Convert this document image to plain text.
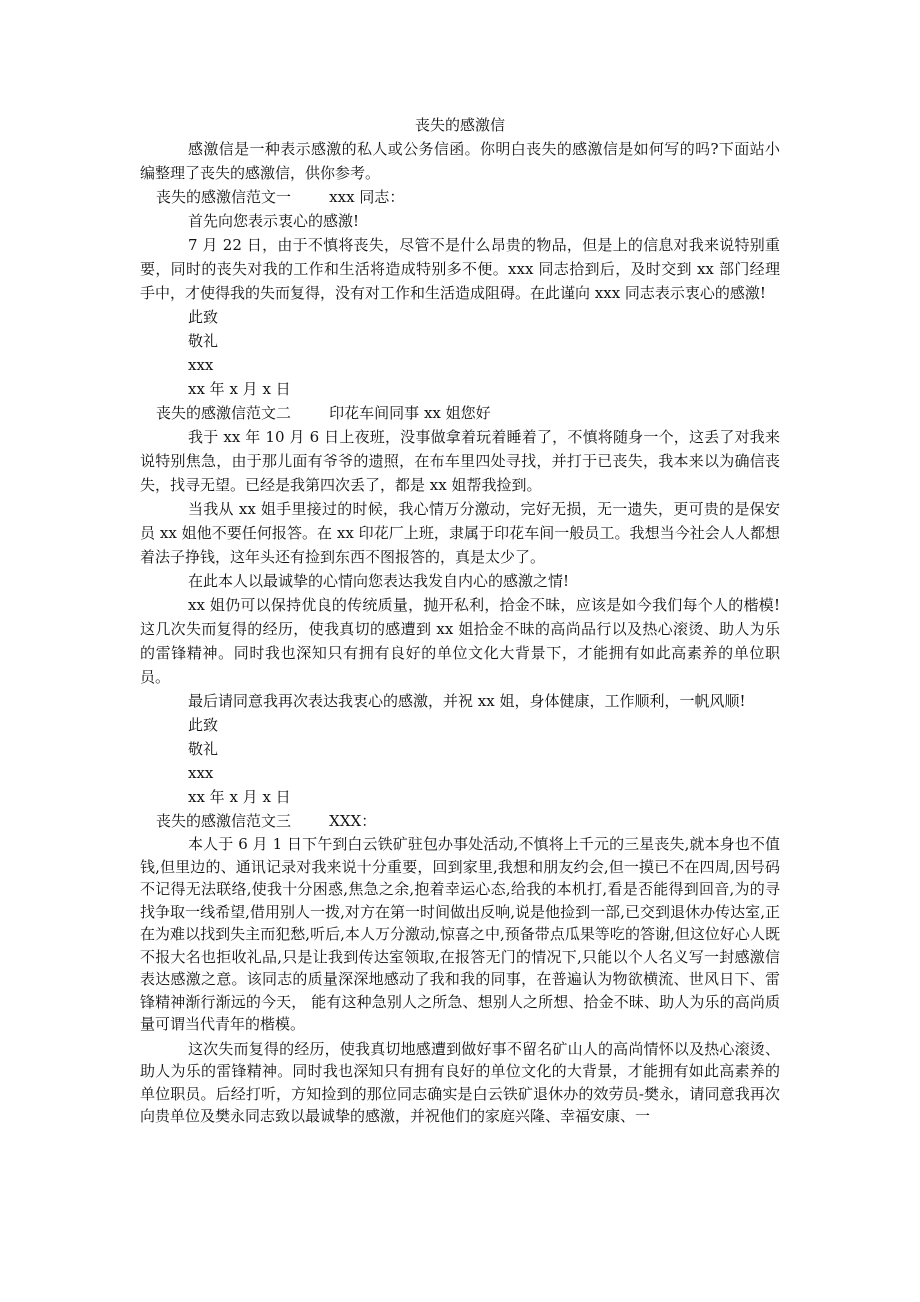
丧失的感激信

感激信是一种表示感激的私人或公务信函。你明白丧失的感激信是如何写的吗?下面站小编整理了丧失的感激信，供你参考。

丧失的感激信范文一	xxx 同志：

首先向您表示衷心的感激!

7 月 22 日，由于不慎将丧失，尽管不是什么昂贵的物品，但是上的信息对我来说特别重要，同时的丧失对我的工作和生活将造成特别多不便。xxx 同志拾到后，及时交到 xx 部门经理手中，才使得我的失而复得，没有对工作和生活造成阻碍。在此谨向 xxx 同志表示衷心的感激!

此致

敬礼

xxx

xx 年 x 月 x 日

丧失的感激信范文二	印花车间同事 xx 姐您好

我于 xx 年 10 月 6 日上夜班，没事做拿着玩着睡着了，不慎将随身一个，这丢了对我来说特别焦急，由于那儿面有爷爷的遗照，在布车里四处寻找，并打于已丧失，我本来以为确信丧失，找寻无望。已经是我第四次丢了，都是 xx 姐帮我捡到。

当我从 xx 姐手里接过的时候，我心情万分激动，完好无损，无一遗失，更可贵的是保安员 xx 姐他不要任何报答。在 xx 印花厂上班，隶属于印花车间一般员工。我想当今社会人人都想着法子挣钱，这年头还有捡到东西不图报答的，真是太少了。

在此本人以最诚挚的心情向您表达我发自内心的感激之情!

xx 姐仍可以保持优良的传统质量，抛开私利，拾金不昧，应该是如今我们每个人的楷模!这几次失而复得的经历，使我真切的感遭到 xx 姐拾金不昧的高尚品行以及热心滚烫、助人为乐的雷锋精神。同时我也深知只有拥有良好的单位文化大背景下，才能拥有如此高素养的单位职员。

最后请同意我再次表达我衷心的感激，并祝 xx 姐，身体健康，工作顺利，一帆风顺!

此致

敬礼

xxx

xx 年 x 月 x 日

丧失的感激信范文三	XXX：

本人于 6 月 1 日下午到白云铁矿驻包办事处活动,不慎将上千元的三星丧失,就本身也不值钱,但里边的、通讯记录对我来说十分重要，回到家里,我想和朋友约会,但一摸已不在四周,因号码不记得无法联络,使我十分困惑,焦急之余,抱着幸运心态,给我的本机打,看是否能得到回音,为的寻找争取一线希望,借用别人一拨,对方在第一时间做出反响,说是他捡到一部,已交到退休办传达室,正在为难以找到失主而犯愁,听后,本人万分激动,惊喜之中,预备带点瓜果等吃的答谢,但这位好心人既不报大名也拒收礼品,只是让我到传达室领取,在报答无门的情况下,只能以个人名义写一封感激信表达感激之意。该同志的质量深深地感动了我和我的同事，在普遍认为物欲横流、世风日下、雷锋精神渐行渐远的今天， 能有这种急别人之所急、想别人之所想、拾金不昧、助人为乐的高尚质量可谓当代青年的楷模。

这次失而复得的经历，使我真切地感遭到做好事不留名矿山人的高尚情怀以及热心滚烫、助人为乐的雷锋精神。同时我也深知只有拥有良好的单位文化的大背景，才能拥有如此高素养的单位职员。后经打听，方知捡到的那位同志确实是白云铁矿退休办的效劳员-樊永，请同意我再次向贵单位及樊永同志致以最诚挚的感激，并祝他们的家庭兴隆、幸福安康、一
